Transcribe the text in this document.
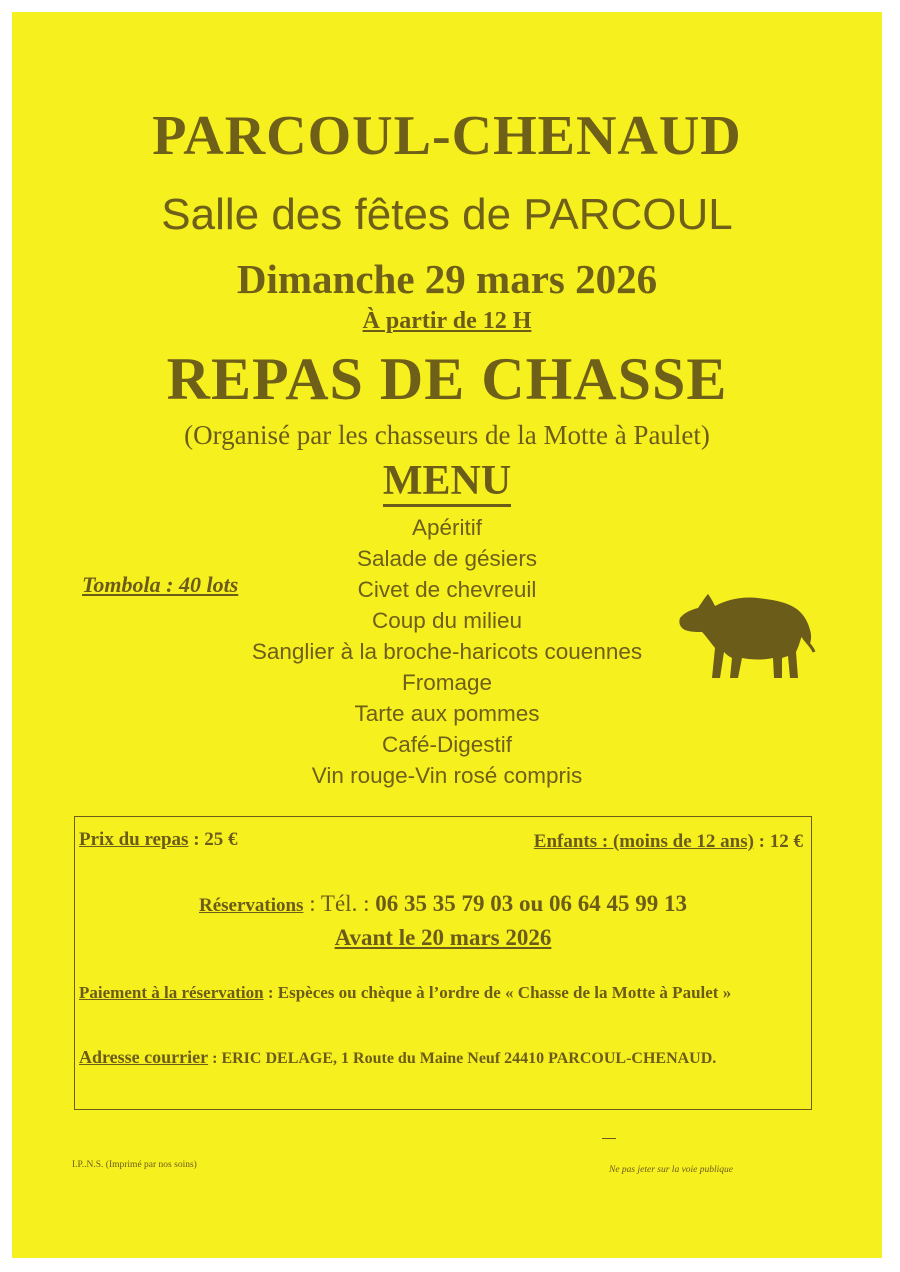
PARCOUL-CHENAUD
Salle des fêtes de PARCOUL
Dimanche 29 mars 2026
À partir de 12 H
REPAS DE CHASSE
(Organisé par les chasseurs de la Motte à Paulet)
MENU
Apéritif
Salade de gésiers
Civet de chevreuil
Coup du milieu
Sanglier à la broche-haricots couennes
Fromage
Tarte aux pommes
Café-Digestif
Vin rouge-Vin rosé compris
Tombola : 40 lots
Prix du repas : 25 €	Enfants : (moins de 12 ans) : 12 €
Réservations : Tél. : 06 35 35 79 03 ou 06 64 45 99 13
Avant le 20 mars 2026
Paiement à la réservation : Espèces ou chèque à l’ordre de « Chasse de la Motte à Paulet »
Adresse courrier : ERIC DELAGE, 1 Route du Maine Neuf 24410 PARCOUL-CHENAUD.
I.P..N.S. (Imprimé par nos soins)	Ne pas jeter sur la voie publique
